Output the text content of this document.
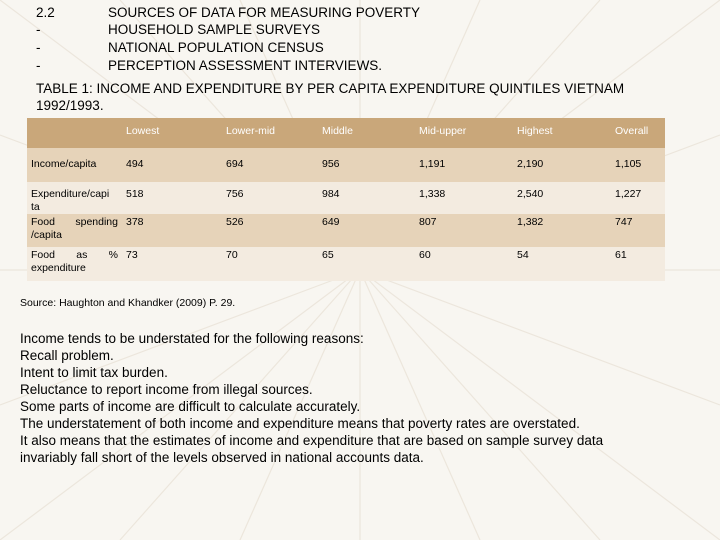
2.2	SOURCES OF DATA FOR MEASURING POVERTY
-	HOUSEHOLD SAMPLE SURVEYS
-	NATIONAL POPULATION CENSUS
-	PERCEPTION ASSESSMENT INTERVIEWS.
TABLE 1: INCOME AND EXPENDITURE BY PER CAPITA EXPENDITURE QUINTILES VIETNAM
1992/1993.
	Lowest	Lower-mid	Middle	Mid-upper	Highest	Overall
Income/capita	494	694	956	1,191	2,190	1,105
Expenditure/capi ta	518	756	984	1,338	2,540	1,227
Food spending /capita	378	526	649	807	1,382	747
Food as % expenditure	73	70	65	60	54	61
Source: Haughton and Khandker (2009) P. 29.
Income tends to be understated for the following reasons:
Recall problem.
Intent to limit tax burden.
Reluctance to report income from illegal sources.
Some parts of income are difficult to calculate accurately.
The understatement of both income and expenditure means that poverty rates are overstated.
It also means that the estimates of income and expenditure that are based on sample survey data
invariably fall short of the levels observed in national accounts data.
